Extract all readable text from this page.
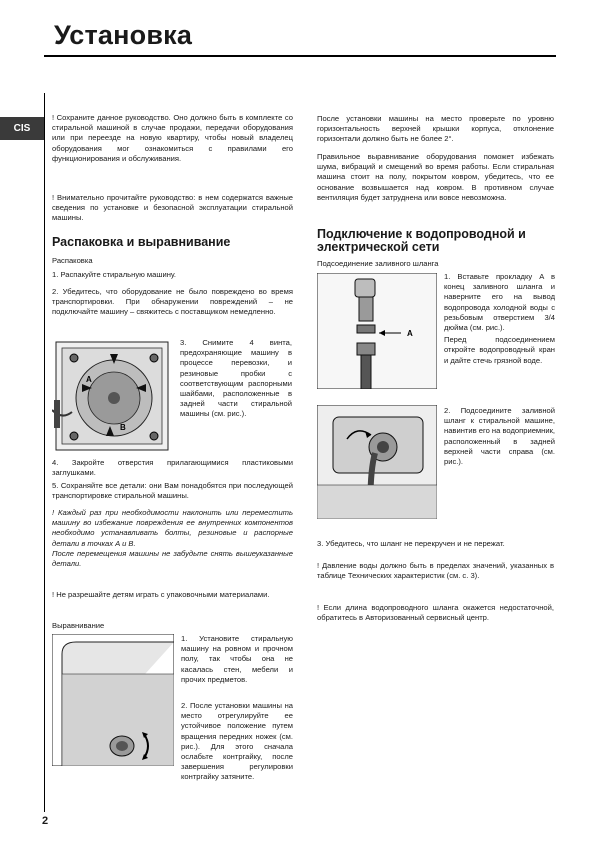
Установка
CIS

! Сохраните данное руководство. Оно должно быть в комплекте со стиральной машиной в случае продажи, передачи оборудования или при переезде на новую квартиру, чтобы новый владелец оборудования мог ознакомиться с правилами его функционирования и обслуживания.

! Внимательно прочитайте руководство: в нем содержатся важные сведения по установке и безопасной эксплуатации стиральной машины.

Распаковка и выравнивание
Распаковка
1. Распакуйте стиральную машину.
2. Убедитесь, что оборудование не было повреждено во время транспортировки. При обнаружении повреждений – не подключайте машину – свяжитесь с поставщиком немедленно.
A
B
3. Снимите 4 винта, предохраняющие машину в процессе перевозки, и резиновые пробки с соответствующим распорными шайбами, расположенные в задней части стиральной машины (см. рис.).
4. Закройте отверстия прилагающимися пластиковыми заглушками.
5. Сохраняйте все детали: они Вам понадобятся при последующей транспортировке стиральной машины.

! Каждый раз при необходимости наклонить или переместить машину во избежание повреждения ее внутренних компонентов необходимо устанавливать болты, резиновые и распорные детали в точках A и B.

После перемещения машины не забудьте снять вышеуказанные детали.

! Не разрешайте детям играть с упаковочными материалами.
Выравнивание
1. Установите стиральную машину на ровном и прочном полу, так чтобы она не касалась стен, мебели и прочих предметов.
2. После установки машины на место отрегулируйте ее устойчивое положение путем вращения передних ножек (см. рис.). Для этого сначала ослабьте контргайку, после завершения регулировки контргайку затяните.
После установки машины на место проверьте по уровню горизонтальность верхней крышки корпуса, отклонение горизонтали должно быть не более 2°.
Правильное выравнивание оборудования поможет избежать шума, вибраций и смещений во время работы. Если стиральная машина стоит на полу, покрытом ковром, убедитесь, что ее основание возвышается над ковром. В противном случае вентиляция будет затруднена или вовсе невозможна.
Подключение к водопроводной и электрической сети
Подсоединение заливного шланга
A

1. Вставьте прокладку A в конец заливного шланга и наверните его на вывод водопровода холодной воды с резьбовым отверстием 3/4 дюйма (см. рис.).

Перед подсоединением откройте водопроводный кран и дайте стечь грязной воде.

2. Подсоедините заливной шланг к стиральной машине, навинтив его на водоприемник, расположенный в задней верхней части справа (см. рис.).
3. Убедитесь, что шланг не перекручен и не пережат.
! Давление воды должно быть в пределах значений, указанных в таблице Технических характеристик (см. с. 3).
! Если длина водопроводного шланга окажется недостаточной, обратитесь в Авторизованный сервисный центр.
2
